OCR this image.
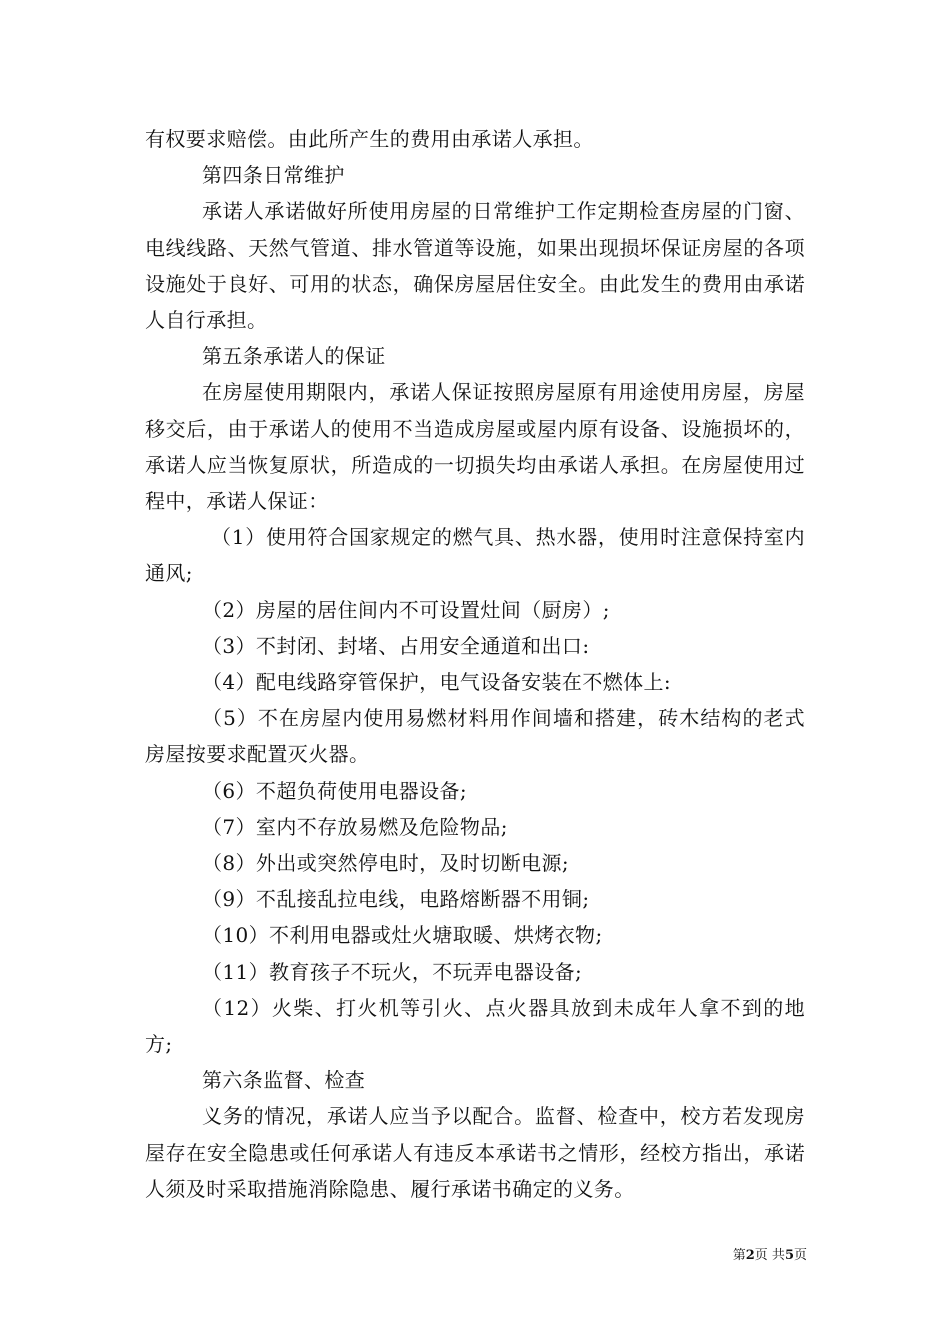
有权要求赔偿。由此所产生的费用由承诺人承担。

第四条日常维护

承诺人承诺做好所使用房屋的日常维护工作定期检查房屋的门窗、电线线路、天然气管道、排水管道等设施，如果出现损坏保证房屋的各项设施处于良好、可用的状态，确保房屋居住安全。由此发生的费用由承诺人自行承担。

第五条承诺人的保证

在房屋使用期限内，承诺人保证按照房屋原有用途使用房屋，房屋移交后，由于承诺人的使用不当造成房屋或屋内原有设备、设施损坏的，承诺人应当恢复原状，所造成的一切损失均由承诺人承担。在房屋使用过程中，承诺人保证：

（1）使用符合国家规定的燃气具、热水器，使用时注意保持室内通风;

（2）房屋的居住间内不可设置灶间（厨房）;

（3）不封闭、封堵、占用安全通道和出口:

（4）配电线路穿管保护，电气设备安装在不燃体上:

（5）不在房屋内使用易燃材料用作间墙和搭建，砖木结构的老式房屋按要求配置灭火器。

（6）不超负荷使用电器设备;

（7）室内不存放易燃及危险物品;

（8）外出或突然停电时，及时切断电源;

（9）不乱接乱拉电线，电路熔断器不用铜;

（10）不利用电器或灶火塘取暖、烘烤衣物;

（11）教育孩子不玩火，不玩弄电器设备;

（12）火柴、打火机等引火、点火器具放到未成年人拿不到的地方;

第六条监督、检查

义务的情况，承诺人应当予以配合。监督、检查中，校方若发现房屋存在安全隐患或任何承诺人有违反本承诺书之情形，经校方指出，承诺人须及时采取措施消除隐患、履行承诺书确定的义务。

第2页 共5页
